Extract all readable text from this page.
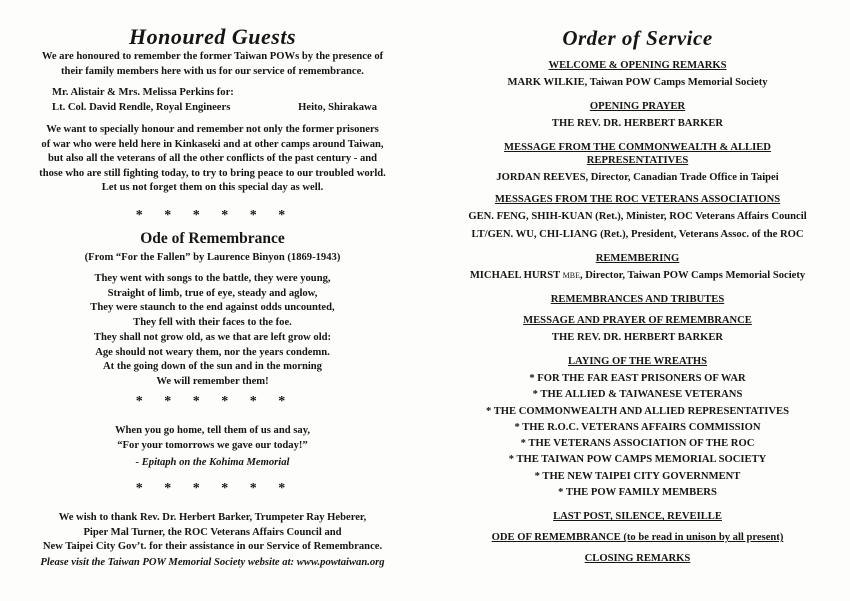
Honoured Guests
We are honoured to remember the former Taiwan POWs by the presence of
their family members here with us for our service of remembrance.
Mr. Alistair & Mrs. Melissa Perkins for:
Lt. Col. David Rendle, Royal Engineers	Heito, Shirakawa
We want to specially honour and remember not only the former prisoners
of war who were held here in Kinkaseki and at other camps around Taiwan,
but also all the veterans of all the other conflicts of the past century - and
those who are still fighting today, to try to bring peace to our troubled world.
Let us not forget them on this special day as well.
* * * * * *
Ode of Remembrance
(From “For the Fallen” by Laurence Binyon (1869-1943)
They went with songs to the battle, they were young,
Straight of limb, true of eye, steady and aglow,
They were staunch to the end against odds uncounted,
They fell with their faces to the foe.
They shall not grow old, as we that are left grow old:
Age should not weary them, nor the years condemn.
At the going down of the sun and in the morning
We will remember them!
* * * * * *
When you go home, tell them of us and say,
“For your tomorrows we gave our today!”
- Epitaph on the Kohima Memorial
* * * * * *
We wish to thank Rev. Dr. Herbert Barker, Trumpeter Ray Heberer,
Piper Mal Turner, the ROC Veterans Affairs Council and
New Taipei City Gov’t. for their assistance in our Service of Remembrance.
Please visit the Taiwan POW Memorial Society website at: www.powtaiwan.org
Order of Service
WELCOME & OPENING REMARKS
MARK WILKIE, Taiwan POW Camps Memorial Society
OPENING PRAYER
THE REV. DR. HERBERT BARKER
MESSAGE FROM THE COMMONWEALTH & ALLIED
REPRESENTATIVES
JORDAN REEVES, Director, Canadian Trade Office in Taipei
MESSAGES FROM THE ROC VETERANS ASSOCIATIONS
GEN. FENG, SHIH-KUAN (Ret.), Minister, ROC Veterans Affairs Council
LT/GEN. WU, CHI-LIANG (Ret.), President, Veterans Assoc. of the ROC
REMEMBERING
MICHAEL HURST MBE, Director, Taiwan POW Camps Memorial Society
REMEMBRANCES AND TRIBUTES
MESSAGE AND PRAYER OF REMEMBRANCE
THE REV. DR. HERBERT BARKER
LAYING OF THE WREATHS
* FOR THE FAR EAST PRISONERS OF WAR
* THE ALLIED & TAIWANESE VETERANS
* THE COMMONWEALTH AND ALLIED REPRESENTATIVES
* THE R.O.C. VETERANS AFFAIRS COMMISSION
* THE VETERANS ASSOCIATION OF THE ROC
* THE TAIWAN POW CAMPS MEMORIAL SOCIETY
* THE NEW TAIPEI CITY GOVERNMENT
* THE POW FAMILY MEMBERS
LAST POST, SILENCE, REVEILLE
ODE OF REMEMBRANCE (to be read in unison by all present)
CLOSING REMARKS
